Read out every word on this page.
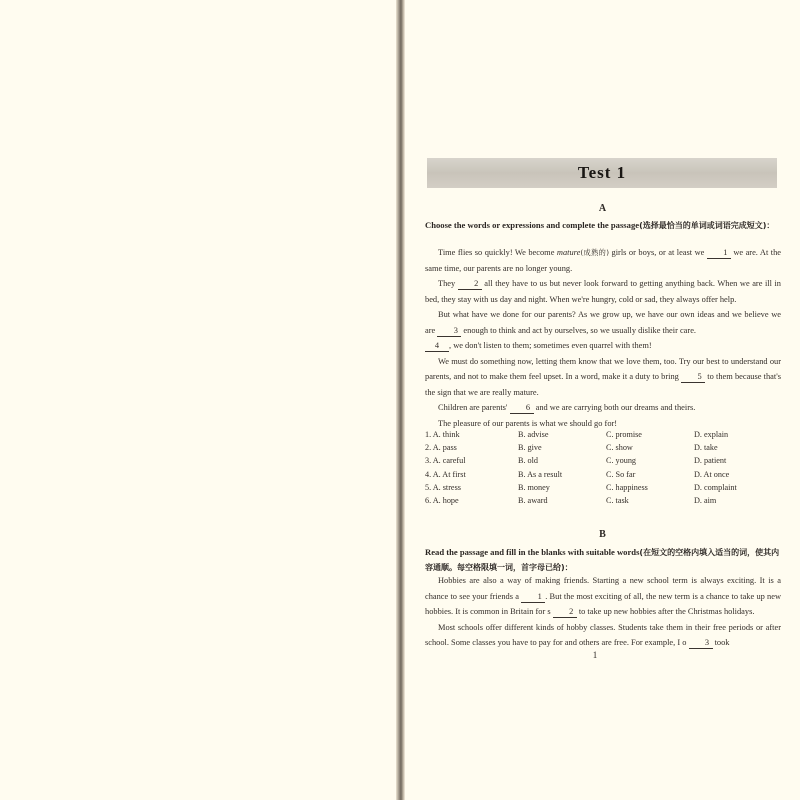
Test 1
A
Choose the words or expressions and complete the passage(选择最恰当的单词或词语完成短文)：

Time flies so quickly! We become mature(成熟的) girls or boys, or at least we 1 we are. At the same time, our parents are no longer young.

They 2 all they have to us but never look forward to getting anything back. When we are ill in bed, they stay with us day and night. When we're hungry, cold or sad, they always offer help.

But what have we done for our parents? As we grow up, we have our own ideas and we believe we are 3 enough to think and act by ourselves, so we usually dislike their care.

4 , we don't listen to them; sometimes even quarrel with them!

We must do something now, letting them know that we love them, too. Try our best to understand our parents, and not to make them feel upset. In a word, make it a duty to bring 5 to them because that's the sign that we are really mature.

Children are parents' 6 and we are carrying both our dreams and theirs.

The pleasure of our parents is what we should go for!

1. A. think	B. advise	C. promise	D. explain
2. A. pass	B. give	C. show	D. take
3. A. careful	B. old	C. young	D. patient
4. A. At first	B. As a result	C. So far	D. At once
5. A. stress	B. money	C. happiness	D. complaint
6. A. hope	B. award	C. task	D. aim
B
Read the passage and fill in the blanks with suitable words(在短文的空格内填入适当的词，使其内容通顺。每空格限填一词，首字母已给)：

Hobbies are also a way of making friends. Starting a new school term is always exciting. It is a chance to see your friends a 1 . But the most exciting of all, the new term is a chance to take up new hobbies. It is common in Britain for s 2 to take up new hobbies after the Christmas holidays.

Most schools offer different kinds of hobby classes. Students take them in their free periods or after school. Some classes you have to pay for and others are free. For example, I o 3 took

1
